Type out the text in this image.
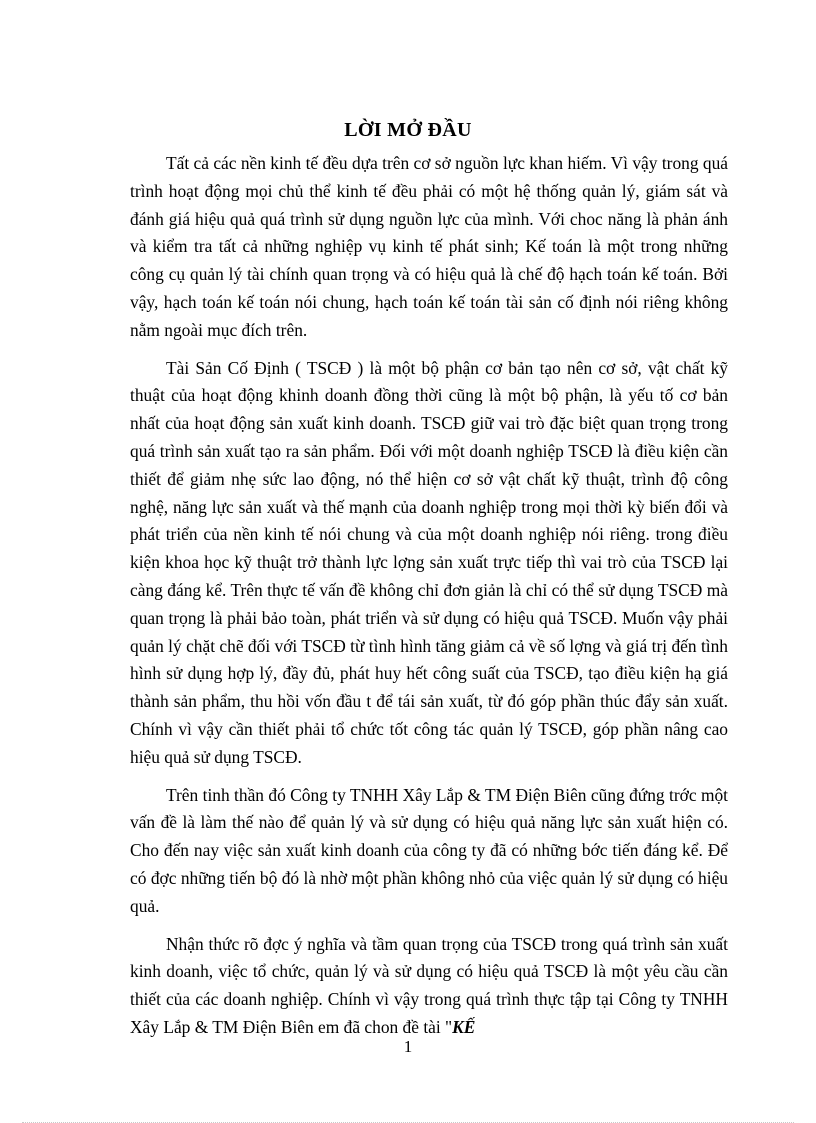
LỜI MỞ ĐẦU

Tất cả các nền kinh tế đều dựa trên cơ sở nguồn lực khan hiếm. Vì vậy trong quá trình hoạt động mọi chủ thể kinh tế đều phải có một hệ thống quản lý, giám sát và đánh giá hiệu quả quá trình sử dụng nguồn lực của mình. Với choc năng là phản ánh và kiểm tra tất cả những nghiệp vụ kinh tế phát sinh; Kế toán là một trong những công cụ quản lý tài chính quan trọng và có hiệu quả là chế độ hạch toán kế toán. Bởi vậy, hạch toán kế toán nói chung, hạch toán kế toán tài sản cố định nói riêng không nằm ngoài mục đích trên.

Tài Sản Cố Định ( TSCĐ ) là một bộ phận cơ bản tạo nên cơ sở, vật chất kỹ thuật của hoạt động khinh doanh đồng thời cũng là một bộ phận, là yếu tố cơ bản nhất của hoạt động sản xuất kinh doanh. TSCĐ giữ vai trò đặc biệt quan trọng trong quá trình sản xuất tạo ra sản phẩm. Đối với một doanh nghiệp TSCĐ là điều kiện cần thiết để giảm nhẹ sức lao động, nó thể hiện cơ sở vật chất kỹ thuật, trình độ công nghệ, năng lực sản xuất và thế mạnh của doanh nghiệp trong mọi thời kỳ biến đổi và phát triển của nền kinh tế nói chung và của một doanh nghiệp nói riêng. trong điều kiện khoa học kỹ thuật trở thành lực lợng sản xuất trực tiếp thì vai trò của TSCĐ lại càng đáng kể. Trên thực tế vấn đề không chỉ đơn giản là chỉ có thể sử dụng TSCĐ mà quan trọng là phải bảo toàn, phát triển và sử dụng có hiệu quả TSCĐ. Muốn vậy phải quản lý chặt chẽ đối với TSCĐ từ tình hình tăng giảm cả về số lợng và giá trị đến tình hình sử dụng hợp lý, đầy đủ, phát huy hết công suất của TSCĐ, tạo điều kiện hạ giá thành sản phẩm, thu hồi vốn đầu t để tái sản xuất, từ đó góp phần thúc đẩy sản xuất. Chính vì vậy cần thiết phải tổ chức tốt công tác quản lý TSCĐ, góp phần nâng cao hiệu quả sử dụng TSCĐ.

Trên tinh thần đó Công ty TNHH Xây Lắp & TM Điện Biên cũng đứng trớc một vấn đề là làm thế nào để quản lý và sử dụng có hiệu quả năng lực sản xuất hiện có. Cho đến nay việc sản xuất kinh doanh của công ty đã có những bớc tiến đáng kể. Để có đợc những tiến bộ đó là nhờ một phần không nhỏ của việc quản lý sử dụng có hiệu quả.

Nhận thức rõ đợc ý nghĩa và tầm quan trọng của TSCĐ trong quá trình sản xuất kinh doanh, việc tổ chức, quản lý và sử dụng có hiệu quả TSCĐ là một yêu cầu cần thiết của các doanh nghiệp. Chính vì vậy trong quá trình thực tập tại Công ty TNHH Xây Lắp & TM Điện Biên em đã chon đề tài "KẾ

1
